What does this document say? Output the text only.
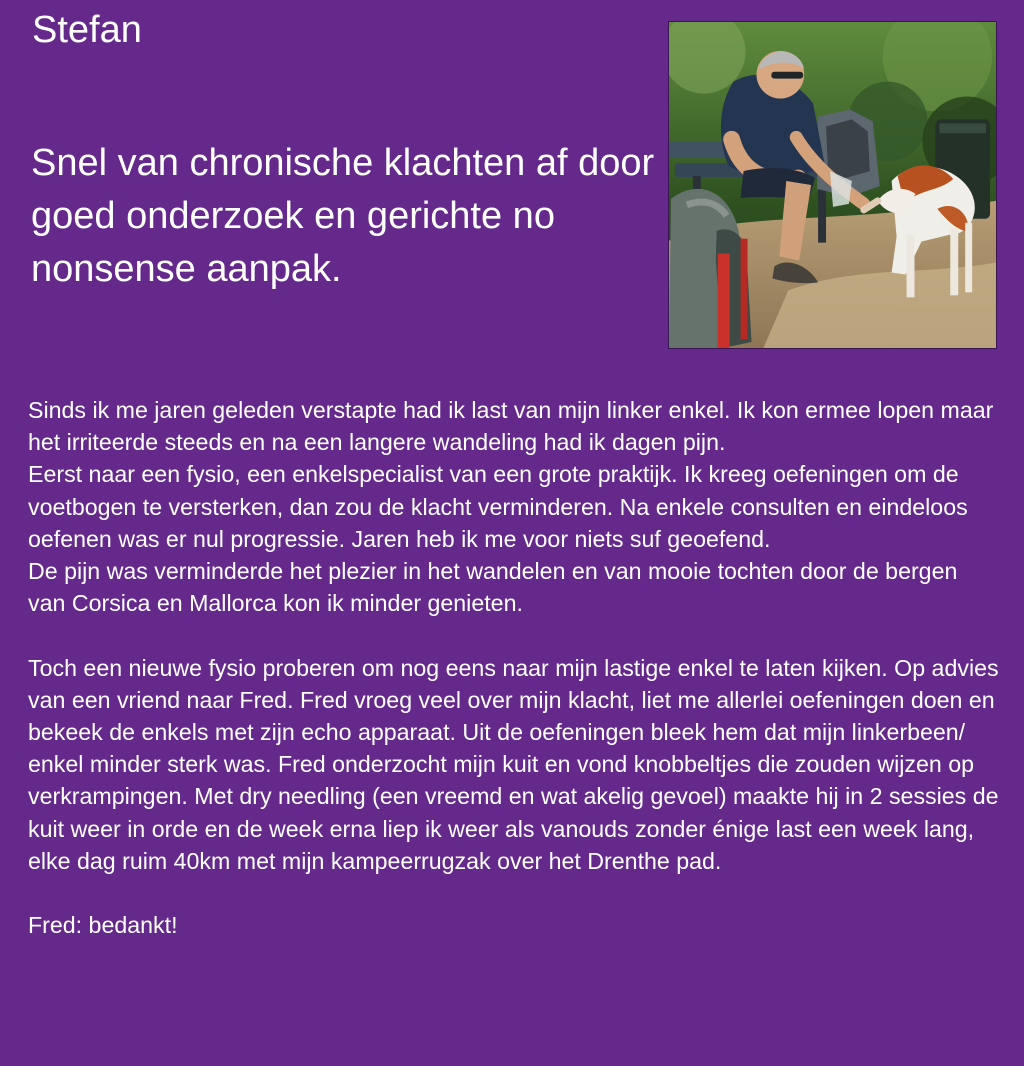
Stefan
Snel van chronische klachten af door goed onderzoek en gerichte no nonsense aanpak.

Sinds ik me jaren geleden verstapte had ik last van mijn linker enkel. Ik kon ermee lopen maar het irriteerde steeds en na een langere wandeling had ik dagen pijn.

Eerst naar een fysio, een enkelspecialist van een grote praktijk. Ik kreeg oefeningen om de voetbogen te versterken, dan zou de klacht verminderen. Na enkele consulten en eindeloos oefenen was er nul progressie. Jaren heb ik me voor niets suf geoefend.

De pijn was verminderde het plezier in het wandelen en van mooie tochten door de bergen van Corsica en Mallorca kon ik minder genieten.

Toch een nieuwe fysio proberen om nog eens naar mijn lastige enkel te laten kijken. Op advies van een vriend naar Fred. Fred vroeg veel over mijn klacht, liet me allerlei oefeningen doen en bekeek de enkels met zijn echo apparaat. Uit de oefeningen bleek hem dat mijn linkerbeen/ enkel minder sterk was. Fred onderzocht mijn kuit en vond knobbeltjes die zouden wijzen op verkrampingen. Met dry needling (een vreemd en wat akelig gevoel) maakte hij in 2 sessies de kuit weer in orde en de week erna liep ik weer als vanouds zonder énige last een week lang, elke dag ruim 40km met mijn kampeerrugzak over het Drenthe pad.

Fred: bedankt!
